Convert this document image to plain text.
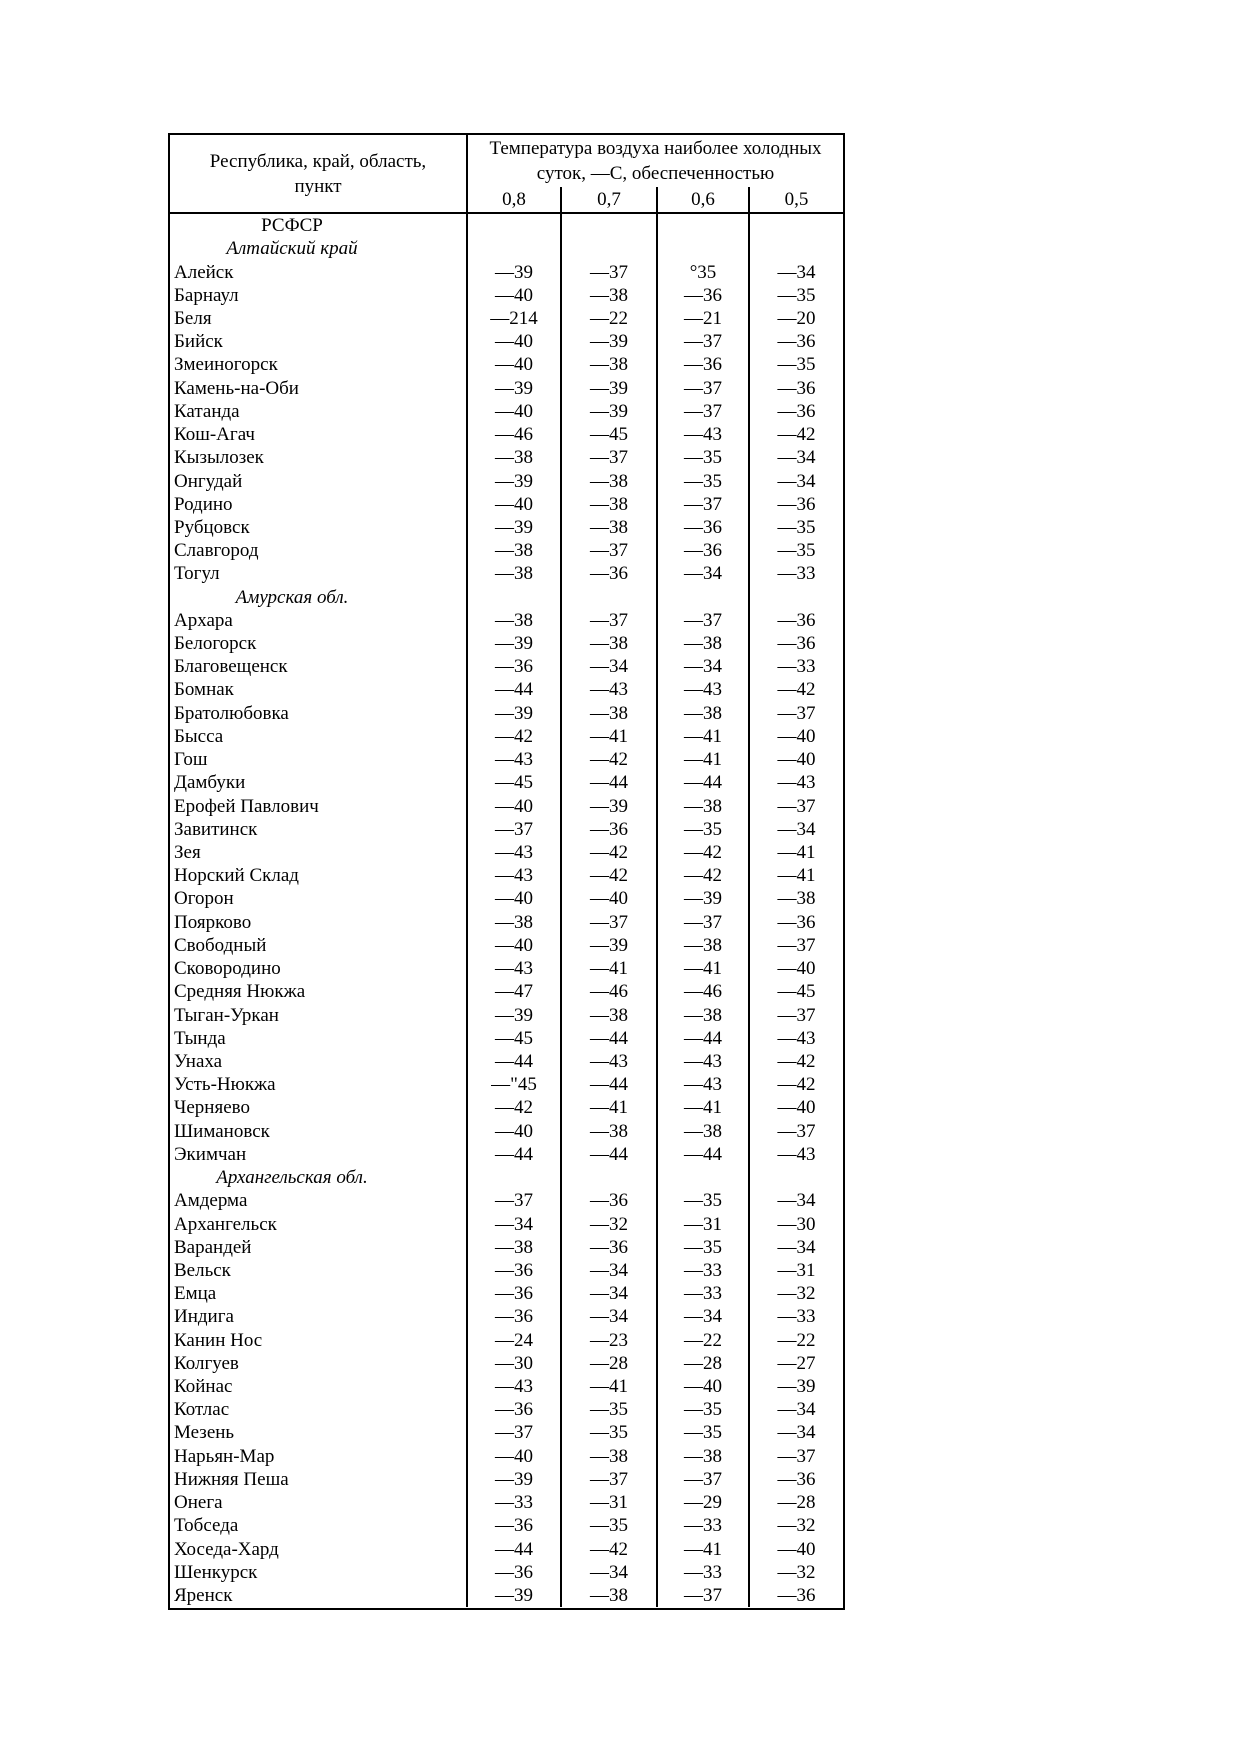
Республика, край, область, пункт
Температура воздуха наиболее холодных суток, —С, обеспеченностью
0,8	0,7	0,6	0,5
РСФСР
Алтайский край
Алейск	—39	—37	°35	—34
Барнаул	—40	—38	—36	—35
Беля	—214	—22	—21	—20
Бийск	—40	—39	—37	—36
Змеиногорск	—40	—38	—36	—35
Камень-на-Оби	—39	—39	—37	—36
Катанда	—40	—39	—37	—36
Кош-Агач	—46	—45	—43	—42
Кызылозек	—38	—37	—35	—34
Онгудай	—39	—38	—35	—34
Родино	—40	—38	—37	—36
Рубцовск	—39	—38	—36	—35
Славгород	—38	—37	—36	—35
Тогул	—38	—36	—34	—33
Амурская обл.
Архара	—38	—37	—37	—36
Белогорск	—39	—38	—38	—36
Благовещенск	—36	—34	—34	—33
Бомнак	—44	—43	—43	—42
Братолюбовка	—39	—38	—38	—37
Бысса	—42	—41	—41	—40
Гош	—43	—42	—41	—40
Дамбуки	—45	—44	—44	—43
Ерофей Павлович	—40	—39	—38	—37
Завитинск	—37	—36	—35	—34
Зея	—43	—42	—42	—41
Норский Склад	—43	—42	—42	—41
Огорон	—40	—40	—39	—38
Поярково	—38	—37	—37	—36
Свободный	—40	—39	—38	—37
Сковородино	—43	—41	—41	—40
Средняя Нюкжа	—47	—46	—46	—45
Тыган-Уркан	—39	—38	—38	—37
Тында	—45	—44	—44	—43
Унаха	—44	—43	—43	—42
Усть-Нюкжа	—"45	—44	—43	—42
Черняево	—42	—41	—41	—40
Шимановск	—40	—38	—38	—37
Экимчан	—44	—44	—44	—43
Архангельская обл.
Амдерма	—37	—36	—35	—34
Архангельск	—34	—32	—31	—30
Варандей	—38	—36	—35	—34
Вельск	—36	—34	—33	—31
Емца	—36	—34	—33	—32
Индига	—36	—34	—34	—33
Канин Нос	—24	—23	—22	—22
Колгуев	—30	—28	—28	—27
Койнас	—43	—41	—40	—39
Котлас	—36	—35	—35	—34
Мезень	—37	—35	—35	—34
Нарьян-Мар	—40	—38	—38	—37
Нижняя Пеша	—39	—37	—37	—36
Онега	—33	—31	—29	—28
Тобседа	—36	—35	—33	—32
Хоседа-Хард	—44	—42	—41	—40
Шенкурск	—36	—34	—33	—32
Яренск	—39	—38	—37	—36
